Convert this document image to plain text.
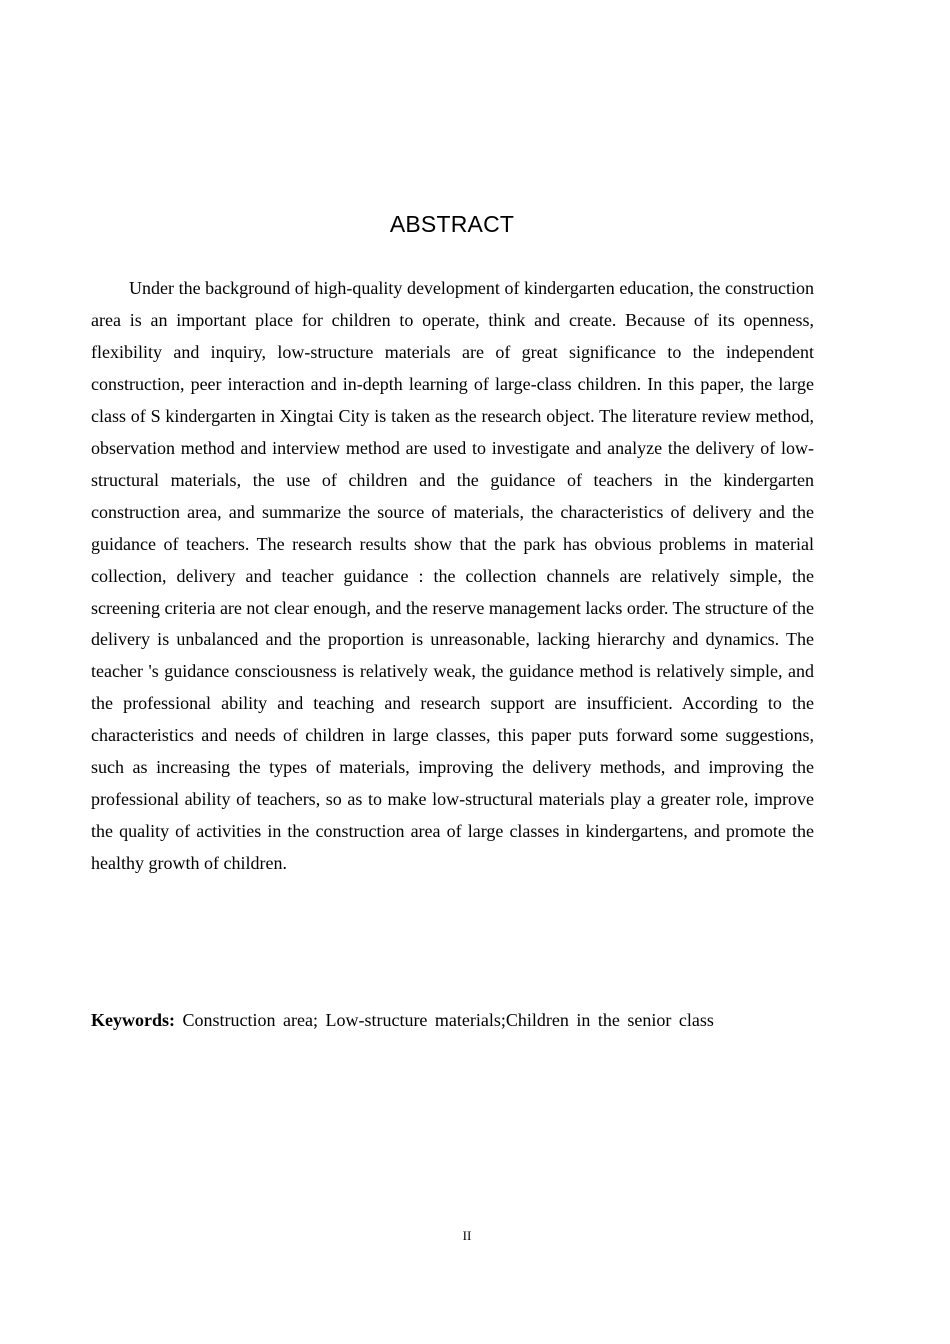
ABSTRACT

Under the background of high-quality development of kindergarten education, the construction area is an important place for children to operate, think and create. Because of its openness, flexibility and inquiry, low-structure materials are of great significance to the independent construction, peer interaction and in-depth learning of large-class children. In this paper, the large class of S kindergarten in Xingtai City is taken as the research object. The literature review method, observation method and interview method are used to investigate and analyze the delivery of low-structural materials, the use of children and the guidance of teachers in the kindergarten construction area, and summarize the source of materials, the characteristics of delivery and the guidance of teachers. The research results show that the park has obvious problems in material collection, delivery and teacher guidance : the collection channels are relatively simple, the screening criteria are not clear enough, and the reserve management lacks order. The structure of the delivery is unbalanced and the proportion is unreasonable, lacking hierarchy and dynamics. The teacher 's guidance consciousness is relatively weak, the guidance method is relatively simple, and the professional ability and teaching and research support are insufficient. According to the characteristics and needs of children in large classes, this paper puts forward some suggestions, such as increasing the types of materials, improving the delivery methods, and improving the professional ability of teachers, so as to make low-structural materials play a greater role, improve the quality of activities in the construction area of large classes in kindergartens, and promote the healthy growth of children.

Keywords: Construction area; Low-structure materials;Children in the senior class

II
